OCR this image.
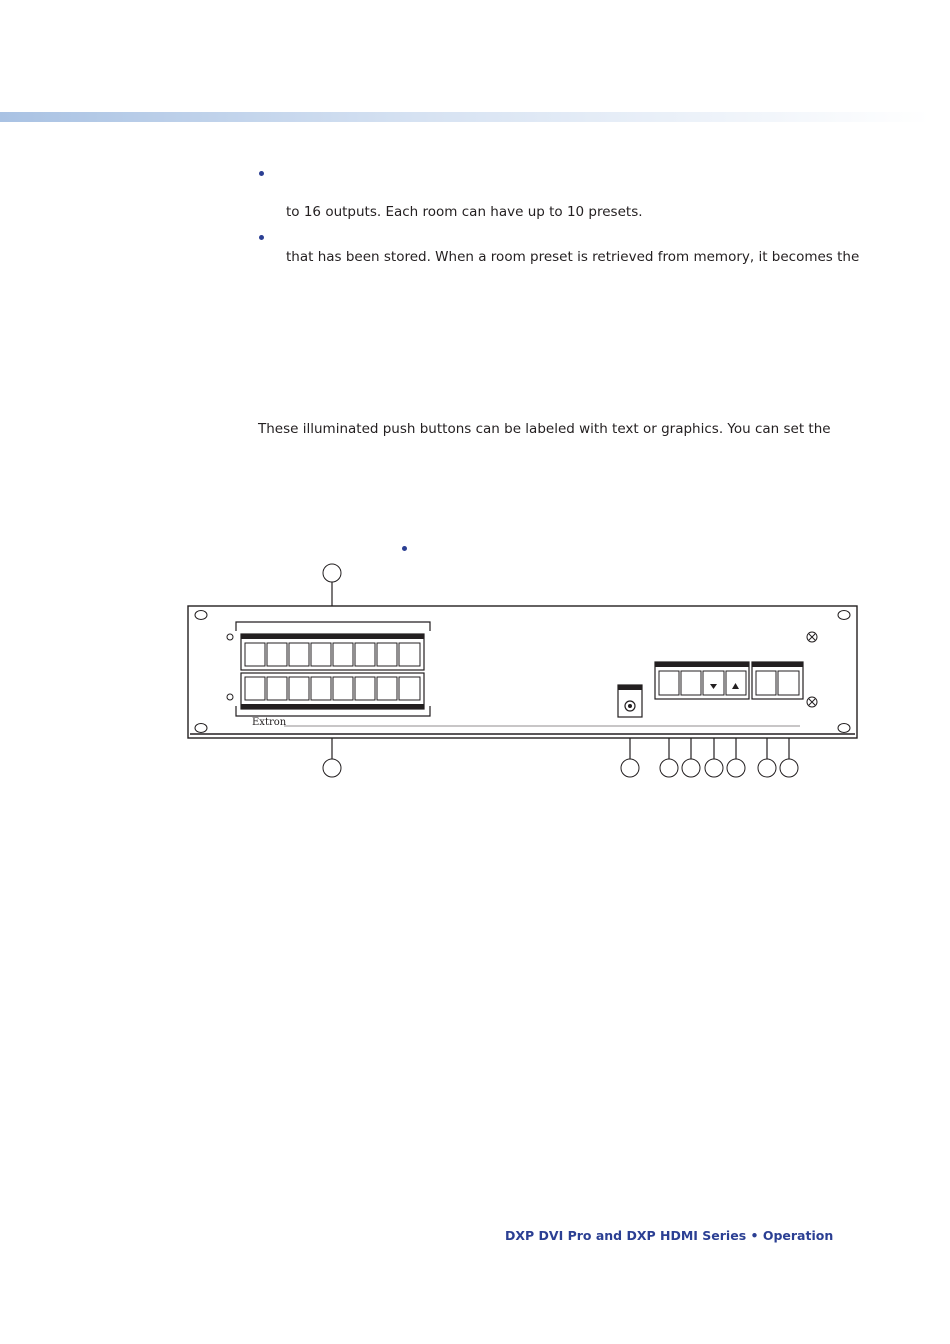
to 16 outputs. Each room can have up to 10 presets.
that has been stored. When a room preset is retrieved from memory, it becomes the
These illuminated push buttons can be labeled with text or graphics. You can set the
Extron
DXP DVI Pro and DXP HDMI Series • Operation
